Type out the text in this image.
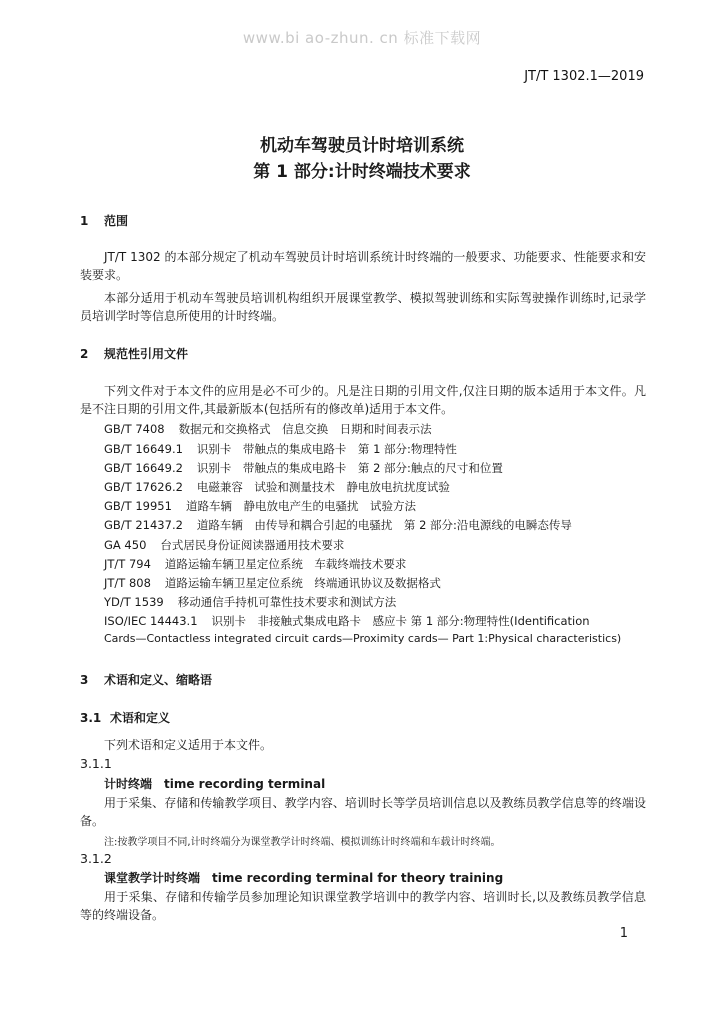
www.bi ao-zhun. cn 标准下载网
JT/T 1302.1—2019
机动车驾驶员计时培训系统
第 1 部分:计时终端技术要求
1 范围
JT/T 1302 的本部分规定了机动车驾驶员计时培训系统计时终端的一般要求、功能要求、性能要求和安装要求。
本部分适用于机动车驾驶员培训机构组织开展课堂教学、模拟驾驶训练和实际驾驶操作训练时,记录学员培训学时等信息所使用的计时终端。
2 规范性引用文件
下列文件对于本文件的应用是必不可少的。凡是注日期的引用文件,仅注日期的版本适用于本文件。凡是不注日期的引用文件,其最新版本(包括所有的修改单)适用于本文件。
GB/T 7408 数据元和交换格式　信息交换　日期和时间表示法
GB/T 16649.1 识别卡　带触点的集成电路卡　第 1 部分:物理特性
GB/T 16649.2 识别卡　带触点的集成电路卡　第 2 部分:触点的尺寸和位置
GB/T 17626.2 电磁兼容　试验和测量技术　静电放电抗扰度试验
GB/T 19951 道路车辆　静电放电产生的电骚扰　试验方法
GB/T 21437.2 道路车辆　由传导和耦合引起的电骚扰　第 2 部分:沿电源线的电瞬态传导
GA 450 台式居民身份证阅读器通用技术要求
JT/T 794 道路运输车辆卫星定位系统　车载终端技术要求
JT/T 808 道路运输车辆卫星定位系统　终端通讯协议及数据格式
YD/T 1539 移动通信手持机可靠性技术要求和测试方法
ISO/IEC 14443.1 识别卡　非接触式集成电路卡　感应卡 第 1 部分:物理特性(Identification
Cards—Contactless integrated circuit cards—Proximity cards— Part 1:Physical characteristics)
3 术语和定义、缩略语
3.1 术语和定义
下列术语和定义适用于本文件。
3.1.1
计时终端　time recording terminal
用于采集、存储和传输教学项目、教学内容、培训时长等学员培训信息以及教练员教学信息等的终端设备。
注:按教学项目不同,计时终端分为课堂教学计时终端、模拟训练计时终端和车载计时终端。
3.1.2
课堂教学计时终端　time recording terminal for theory training
用于采集、存储和传输学员参加理论知识课堂教学培训中的教学内容、培训时长,以及教练员教学信息等的终端设备。
1
